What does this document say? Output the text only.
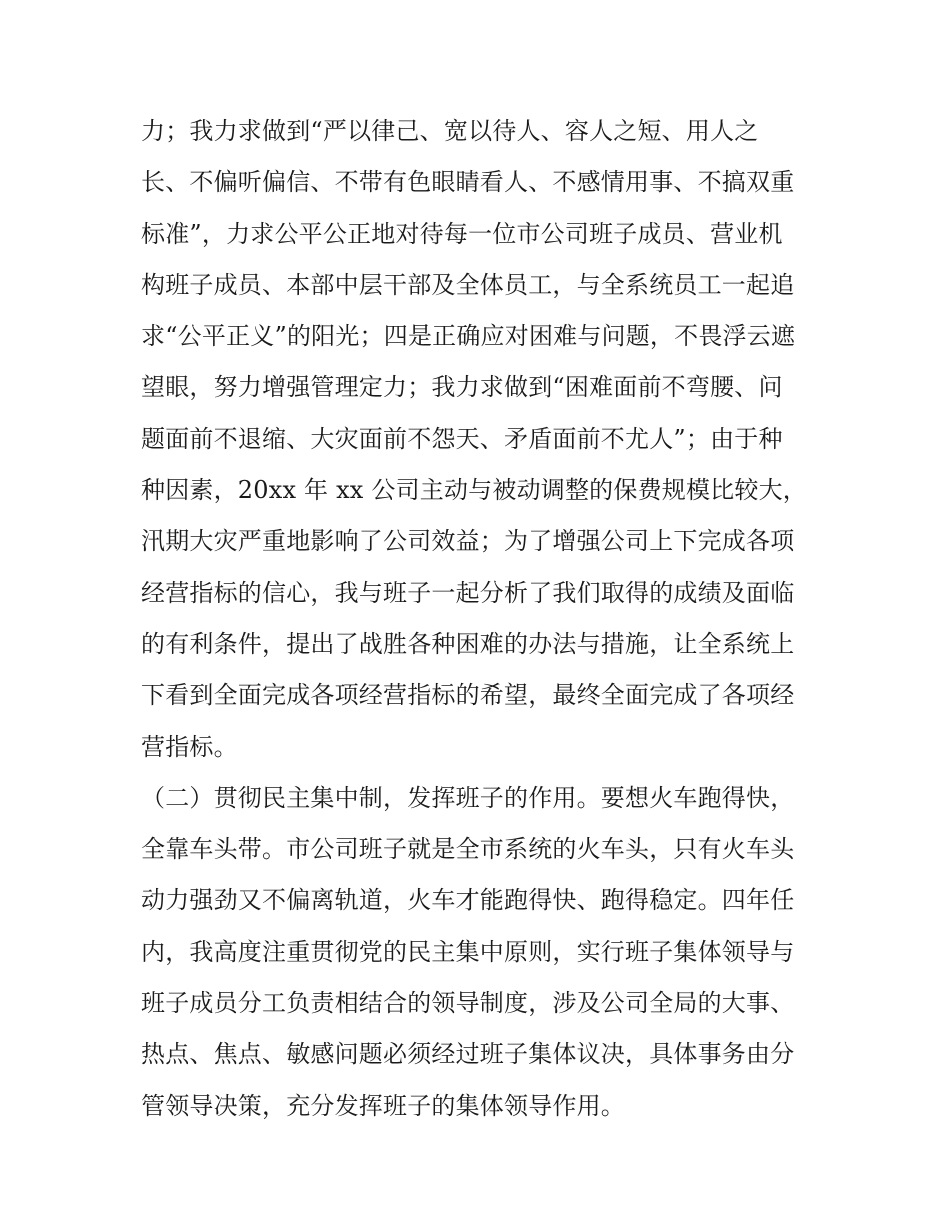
力；我力求做到“严以律己、宽以待人、容人之短、用人之
长、不偏听偏信、不带有色眼睛看人、不感情用事、不搞双重
标准”，力求公平公正地对待每一位市公司班子成员、营业机
构班子成员、本部中层干部及全体员工，与全系统员工一起追
求“公平正义”的阳光；四是正确应对困难与问题，不畏浮云遮
望眼，努力增强管理定力；我力求做到“困难面前不弯腰、问
题面前不退缩、大灾面前不怨天、矛盾面前不尤人”；由于种
种因素，20xx 年 xx 公司主动与被动调整的保费规模比较大，
汛期大灾严重地影响了公司效益；为了增强公司上下完成各项
经营指标的信心，我与班子一起分析了我们取得的成绩及面临
的有利条件，提出了战胜各种困难的办法与措施，让全系统上
下看到全面完成各项经营指标的希望，最终全面完成了各项经
营指标。
（二）贯彻民主集中制，发挥班子的作用。要想火车跑得快，
全靠车头带。市公司班子就是全市系统的火车头，只有火车头
动力强劲又不偏离轨道，火车才能跑得快、跑得稳定。四年任
内，我高度注重贯彻党的民主集中原则，实行班子集体领导与
班子成员分工负责相结合的领导制度，涉及公司全局的大事、
热点、焦点、敏感问题必须经过班子集体议决，具体事务由分
管领导决策，充分发挥班子的集体领导作用。
